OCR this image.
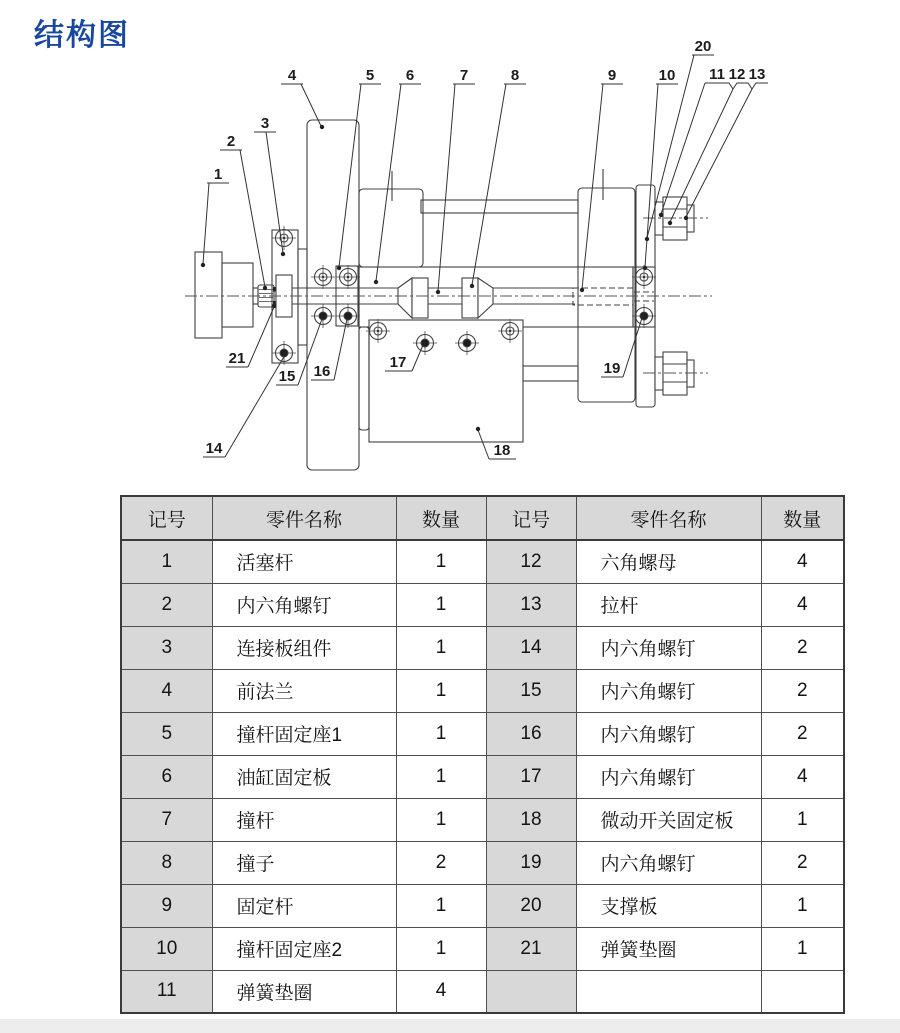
结构图
1
2
3
4	5 6	7	8	9	10 11 12 13
14
15 16
17
18
19
20
21
记号	零件名称	数量	记号	零件名称	数量
1	活塞杆	1	12	六角螺母	4
2	内六角螺钉	1	13	拉杆	4
3	连接板组件	1	14	内六角螺钉	2
4	前法兰	1	15	内六角螺钉	2
5	撞杆固定座1	1	16	内六角螺钉	2
6	油缸固定板	1	17	内六角螺钉	4
7	撞杆	1	18	微动开关固定板	1
8	撞子	2	19	内六角螺钉	2
9	固定杆	1	20	支撑板	1
10	撞杆固定座2	1	21	弹簧垫圈	1
11	弹簧垫圈	4			
